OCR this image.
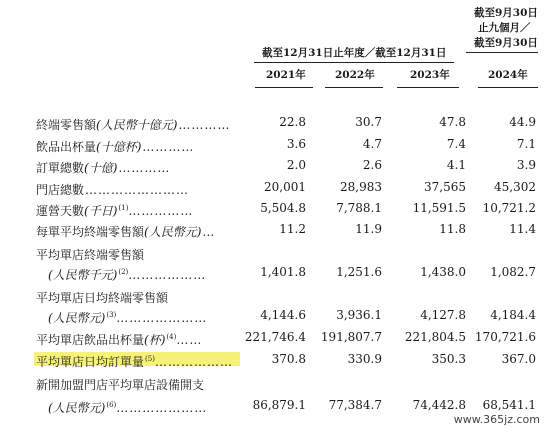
截至9月30日
止九個月／
截至9月30日
截至12月31日止年度／截至12月31日
2021年	2022年	2023年	2024年
終端零售額(人民幣十億元)…………	22.8	30.7	47.8	44.9
飲品出杯量(十億杯)…………	3.6	4.7	7.4	7.1
訂單總數(十億)…………	2.0	2.6	4.1	3.9
門店總數……………………	20,001	28,983	37,565	45,302
運營天數(千日)$^{(1)}$……………	5,504.8	7,788.1	11,591.5	10,721.2
每單平均終端零售額(人民幣元)…	11.2	11.9	11.8	11.4
平均單店終端零售額
(人民幣千元)$^{(2)}$………………	1,401.8	1,251.6	1,438.0	1,082.7
平均單店日均終端零售額
(人民幣元)$^{(3)}$…………………	4,144.6	3,936.1	4,127.8	4,184.4
平均單店飲品出杯量(杯)$^{(4)}$……	221,746.4	191,807.7	221,804.5 170,721.6
平均單店日均訂單量$^{(5)}$………………	370.8	330.9	350.3	367.0
新開加盟門店平均單店設備開支
(人民幣元)$^{(6)}$…………………	86,879.1	77,384.7	74,442.8	68,541.1
www.365jz.com
